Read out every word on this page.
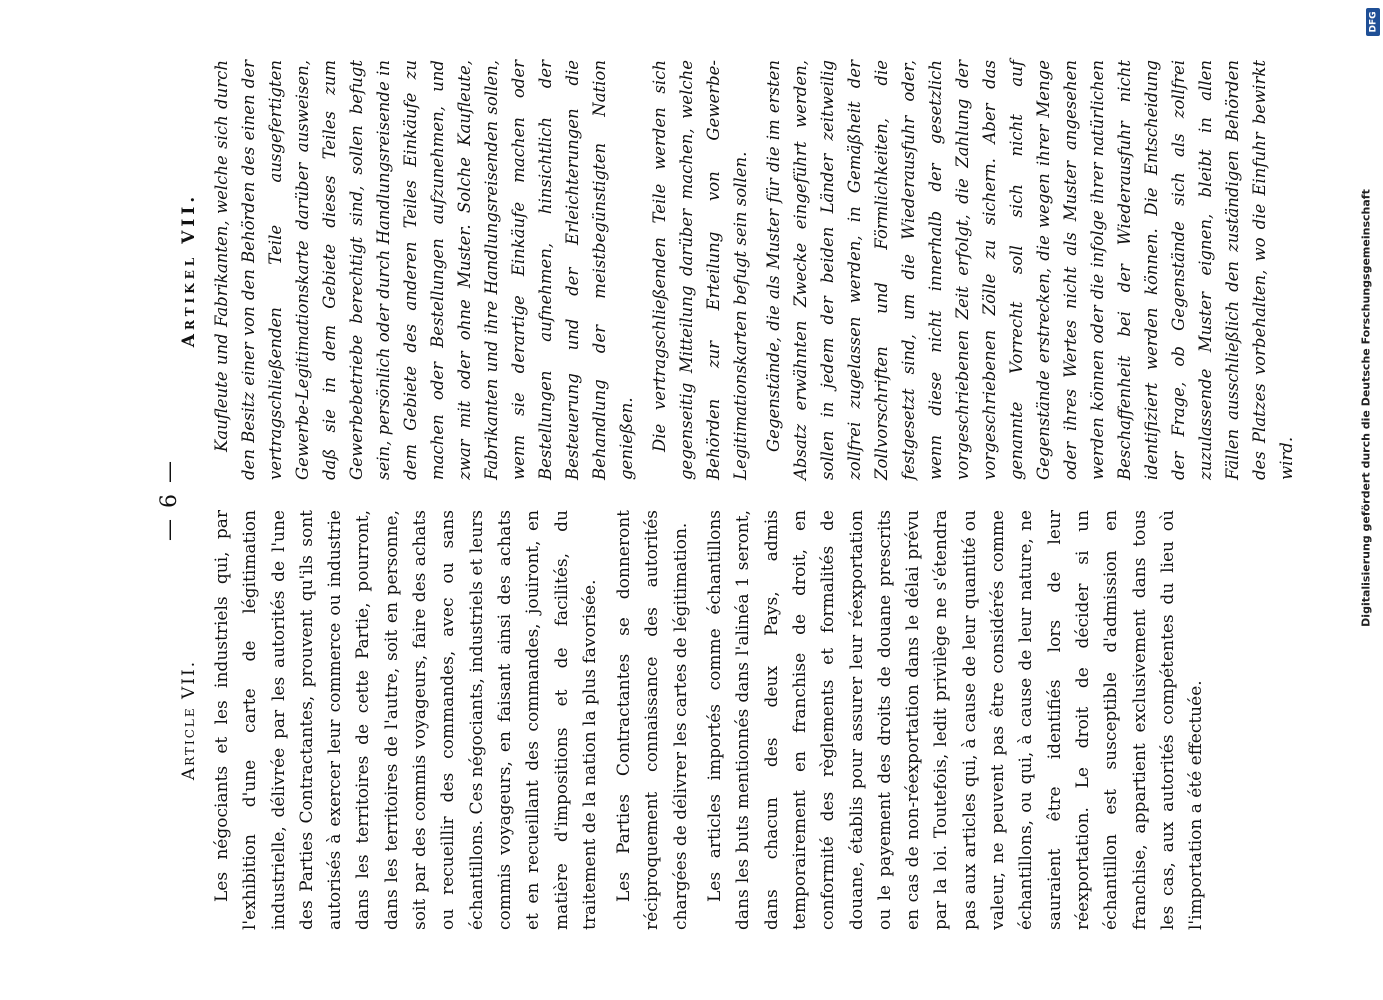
— 6 —
Article VII. Les négociants et les industriels qui, par l'exhibition d'une carte de légitimation industrielle, délivrée par les autorités de l'une des Parties Contractantes, prouvent qu'ils sont autorisés à exercer leur commerce ou industrie dans les territoires de cette Partie, pourront, dans les territoires de l'autre, soit en personne, soit par des commis voyageurs, faire des achats ou recueillir des commandes, avec ou sans échantillons. Ces négociants, industriels et leurs commis voyageurs, en faisant ainsi des achats et en recueillant des commandes, jouiront, en matière d'impositions et de facilités, du traitement de la nation la plus favorisée. Les Parties Contractantes se donneront réciproquement connaissance des autorités chargées de délivrer les cartes de légitimation. Les articles importés comme échantillons dans les buts mentionnés dans l'alinéa 1 seront, dans chacun des deux Pays, admis temporairement en franchise de droit, en conformité des règlements et formalités de douane, établis pour assurer leur réexportation ou le payement des droits de douane prescrits en cas de non-réexportation dans le délai prévu par la loi. Toutefois, ledit privilège ne s'étendra pas aux articles qui, à cause de leur quantité ou valeur, ne peuvent pas être considérés comme échantillons, ou qui, à cause de leur nature, ne sauraient être identifiés lors de leur réexportation. Le droit de décider si un échantillon est susceptible d'admission en franchise, appartient exclusivement dans tous les cas, aux autorités compétentes du lieu où l'importation a été effectuée.

Artikel VII. Kaufleute und Fabrikanten, welche sich durch den Besitz einer von den Behörden des einen der vertragschließenden Teile ausgefertigten Gewerbe-Legitimationskarte darüber ausweisen, daß sie in dem Gebiete dieses Teiles zum Gewerbebetriebe berechtigt sind, sollen befugt sein, persönlich oder durch Handlungsreisende in dem Gebiete des anderen Teiles Einkäufe zu machen oder Bestellungen aufzunehmen, und zwar mit oder ohne Muster. Solche Kaufleute, Fabrikanten und ihre Handlungsreisenden sollen, wenn sie derartige Einkäufe machen oder Bestellungen aufnehmen, hinsichtlich der Besteuerung und der Erleichterungen die Behandlung der meistbegünstigten Nation genießen. Die vertragschließenden Teile werden sich gegenseitig Mitteilung darüber machen, welche Behörden zur Erteilung von Gewerbe-Legitimationskarten befugt sein sollen. Gegenstände, die als Muster für die im ersten Absatz erwähnten Zwecke eingeführt werden, sollen in jedem der beiden Länder zeitweilig zollfrei zugelassen werden, in Gemäßheit der Zollvorschriften und Förmlichkeiten, die festgesetzt sind, um die Wiederausfuhr oder, wenn diese nicht innerhalb der gesetzlich vorgeschriebenen Zeit erfolgt, die Zahlung der vorgeschriebenen Zölle zu sichern. Aber das genannte Vorrecht soll sich nicht auf Gegenstände erstrecken, die wegen ihrer Menge oder ihres Wertes nicht als Muster angesehen werden können oder die infolge ihrer natürlichen Beschaffenheit bei der Wiederausfuhr nicht identifiziert werden können. Die Entscheidung der Frage, ob Gegenstände sich als zollfrei zuzulassende Muster eignen, bleibt in allen Fällen ausschließlich den zuständigen Behörden des Platzes vorbehalten, wo die Einfuhr bewirkt wird.	Digitalisierung gefördert durch die Deutsche Forschungsgemeinschaft
DFG
